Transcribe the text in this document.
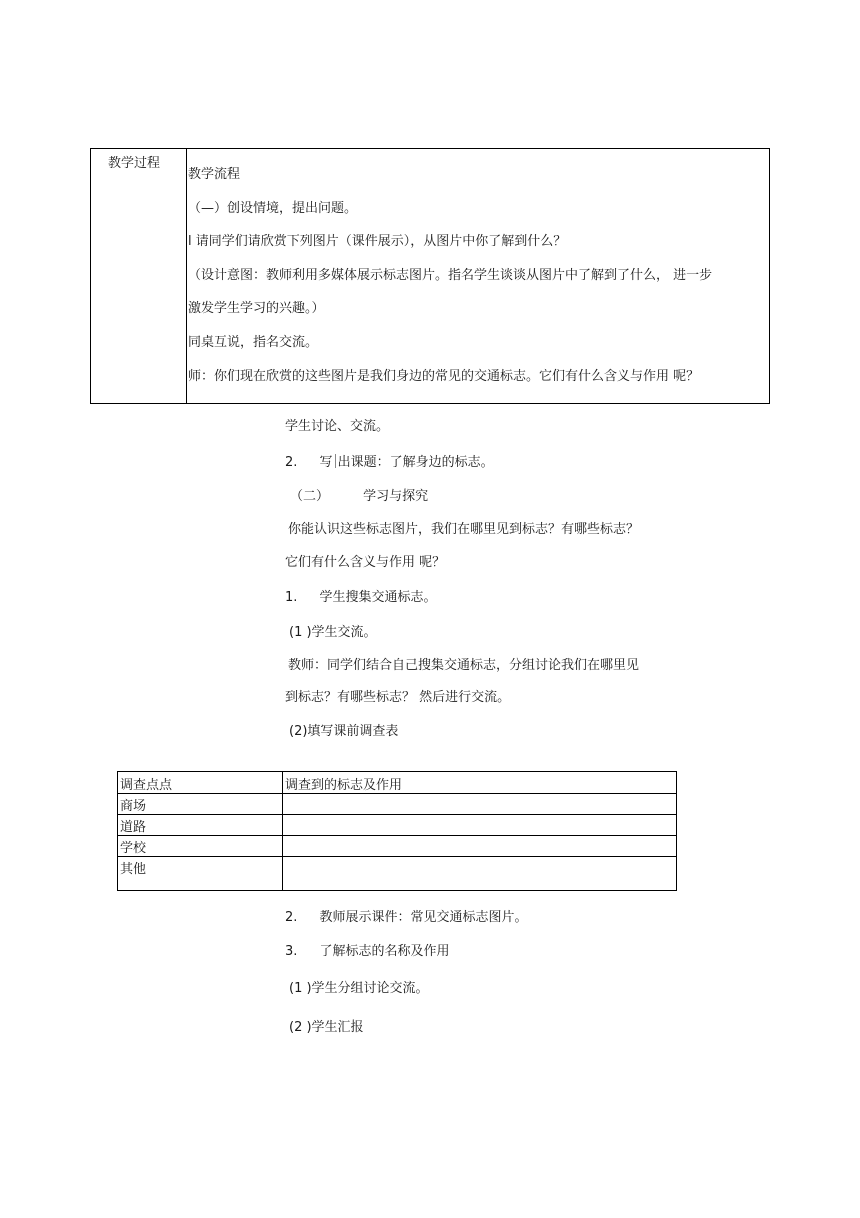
教学过程
教学流程
（—）创设情境，提出问题。
l 请同学们请欣赏下列图片（课件展示），从图片中你了解到什么？
（设计意图：教师利用多媒体展示标志图片。指名学生谈谈从图片中了解到了什么， 进一步
激发学生学习的兴趣。）
同桌互说，指名交流。
师：你们现在欣赏的这些图片是我们身边的常见的交通标志。它们有什么含义与作用 呢？
学生讨论、交流。
2. 写 出课题：了解身边的标志。
（二）	学习与探究
你能认识这些标志图片，我们在哪里见到标志？有哪些标志？
它们有什么含义与作用 呢？
1. 学生搜集交通标志。
(1 )学生交流。
教师：同学们结合自己搜集交通标志，分组讨论我们在哪里见
到标志？有哪些标志？ 然后进行交流。
(2)填写课前调查表
调查点点	调查到的标志及作用
商场
道路
学校
其他
2. 教师展示课件：常见交通标志图片。
3. 了解标志的名称及作用
(1 )学生分组讨论交流。
(2 )学生汇报
